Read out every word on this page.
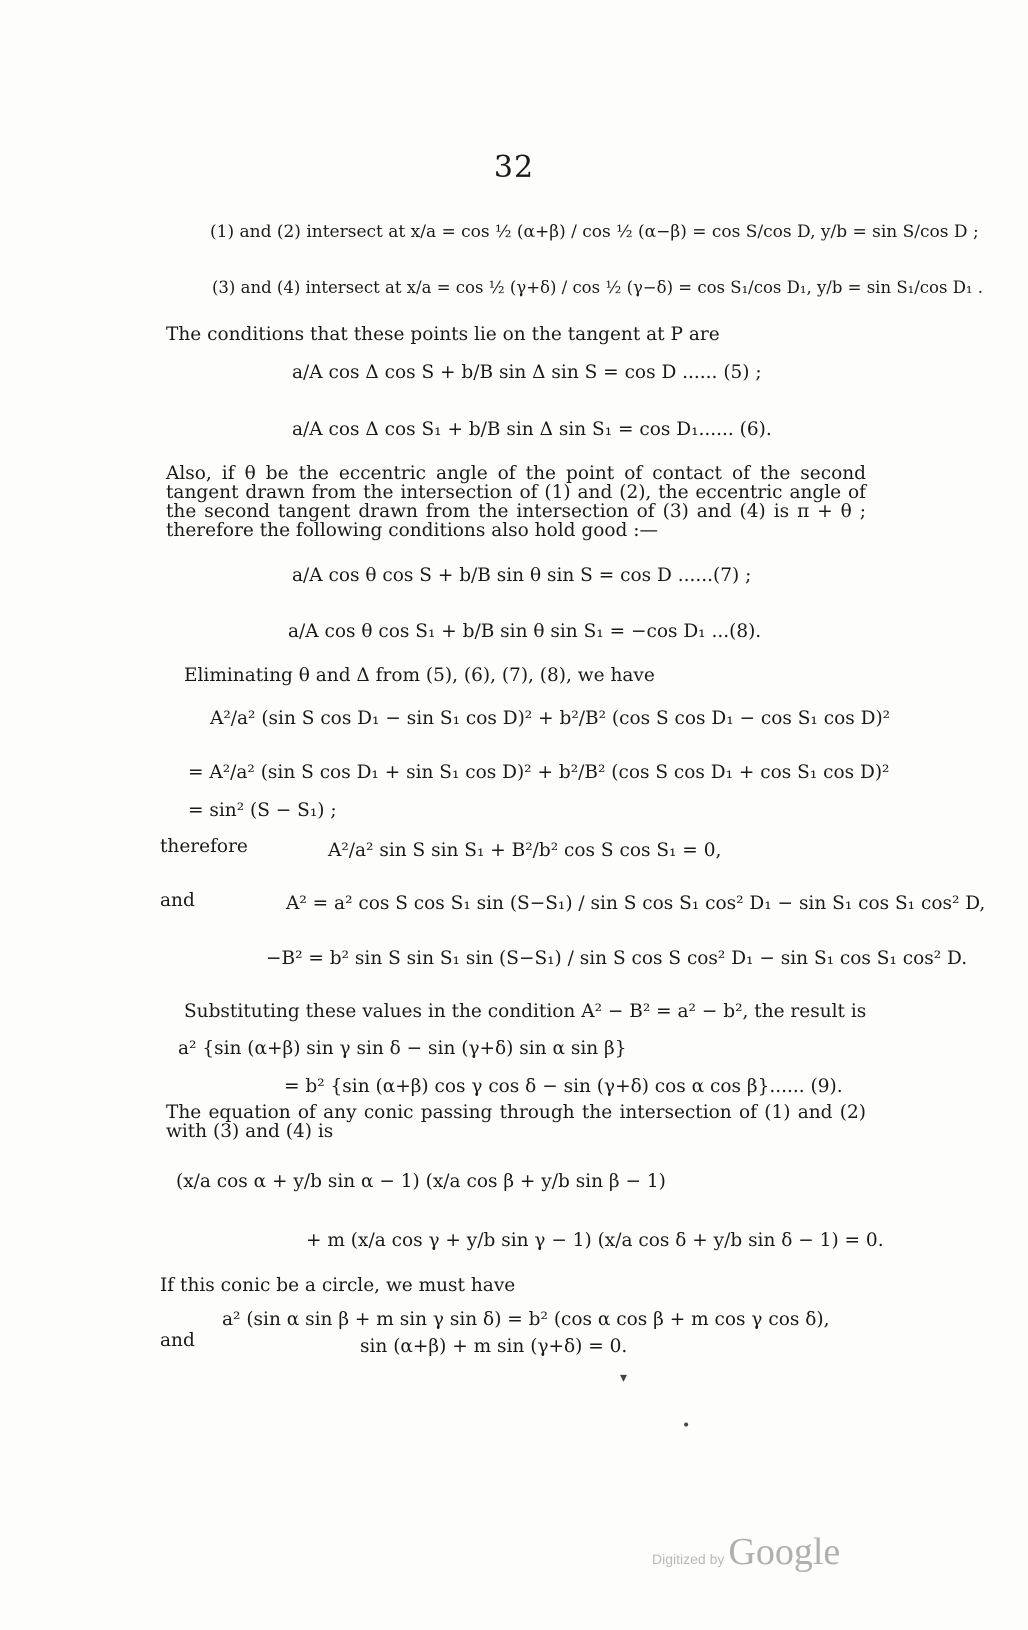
32
(1) and (2) intersect at x/a = cos ½ (α+β) / cos ½ (α−β) = cos S/cos D, y/b = sin S/cos D ;
(3) and (4) intersect at x/a = cos ½ (γ+δ) / cos ½ (γ−δ) = cos S₁/cos D₁, y/b = sin S₁/cos D₁ .
The conditions that these points lie on the tangent at P are
a/A cos Δ cos S + b/B sin Δ sin S = cos D ...... (5) ;
a/A cos Δ cos S₁ + b/B sin Δ sin S₁ = cos D₁...... (6).
Also, if θ be the eccentric angle of the point of contact of the second tangent drawn from the intersection of (1) and (2), the eccentric angle of the second tangent drawn from the intersection of (3) and (4) is π + θ ; therefore the following conditions also hold good :—
a/A cos θ cos S + b/B sin θ sin S = cos D ......(7) ;
a/A cos θ cos S₁ + b/B sin θ sin S₁ = −cos D₁ ...(8).
Eliminating θ and Δ from (5), (6), (7), (8), we have
A²/a² (sin S cos D₁ − sin S₁ cos D)² + b²/B² (cos S cos D₁ − cos S₁ cos D)²
= A²/a² (sin S cos D₁ + sin S₁ cos D)² + b²/B² (cos S cos D₁ + cos S₁ cos D)²
= sin² (S − S₁) ;
therefore	A²/a² sin S sin S₁ + B²/b² cos S cos S₁ = 0,
and	A² = a² cos S cos S₁ sin (S−S₁) / sin S cos S₁ cos² D₁ − sin S₁ cos S₁ cos² D,
−B² = b² sin S sin S₁ sin (S−S₁) / sin S cos S cos² D₁ − sin S₁ cos S₁ cos² D.
Substituting these values in the condition A² − B² = a² − b², the result is
a² {sin (α+β) sin γ sin δ − sin (γ+δ) sin α sin β}
= b² {sin (α+β) cos γ cos δ − sin (γ+δ) cos α cos β}...... (9).
The equation of any conic passing through the intersection of (1) and (2) with (3) and (4) is
(x/a cos α + y/b sin α − 1) (x/a cos β + y/b sin β − 1)
+ m (x/a cos γ + y/b sin γ − 1) (x/a cos δ + y/b sin δ − 1) = 0.
If this conic be a circle, we must have
a² (sin α sin β + m sin γ sin δ) = b² (cos α cos β + m cos γ cos δ),
and	sin (α+β) + m sin (γ+δ) = 0.
▾
•
Digitized by Google
